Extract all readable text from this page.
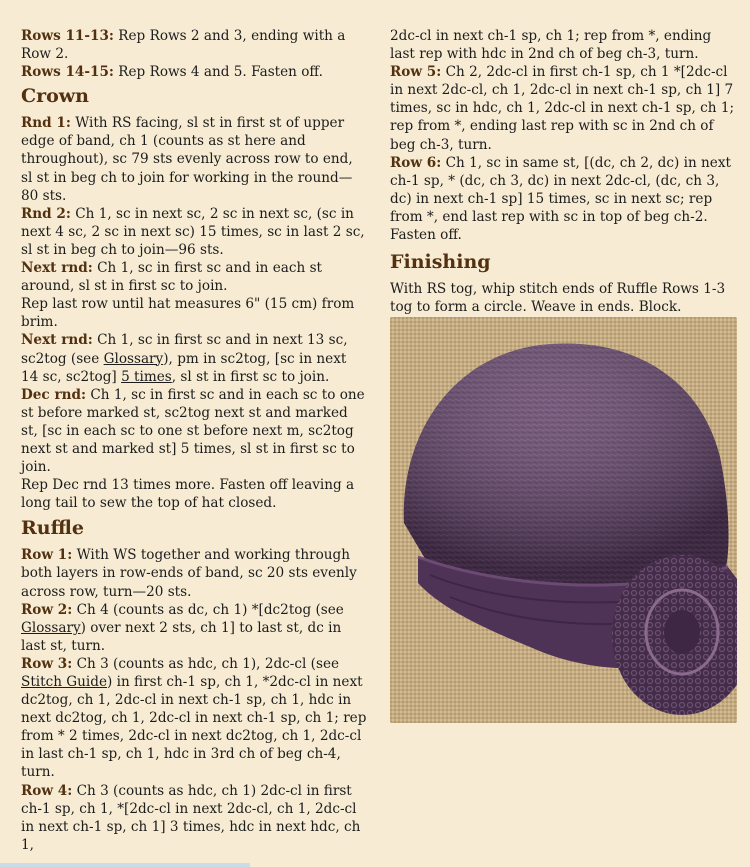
Rows 11-13: Rep Rows 2 and 3, ending with a Row 2.

Rows 14-15: Rep Rows 4 and 5. Fasten off.

Crown

Rnd 1: With RS facing, sl st in first st of upper edge of band, ch 1 (counts as st here and throughout), sc 79 sts evenly across row to end, sl st in beg ch to join for working in the round—80 sts.

Rnd 2: Ch 1, sc in next sc, 2 sc in next sc, (sc in next 4 sc, 2 sc in next sc) 15 times, sc in last 2 sc, sl st in beg ch to join—96 sts.

Next rnd: Ch 1, sc in first sc and in each st around, sl st in first sc to join.

Rep last row until hat measures 6" (15 cm) from brim.

Next rnd: Ch 1, sc in first sc and in next 13 sc, sc2tog (see Glossary), pm in sc2tog, [sc in next 14 sc, sc2tog] 5 times, sl st in first sc to join.

Dec rnd: Ch 1, sc in first sc and in each sc to one st before marked st, sc2tog next st and marked st, [sc in each sc to one st before next m, sc2tog next st and marked st] 5 times, sl st in first sc to join.

Rep Dec rnd 13 times more. Fasten off leaving a long tail to sew the top of hat closed.

Ruffle

Row 1: With WS together and working through both layers in row-ends of band, sc 20 sts evenly across row, turn—20 sts.

Row 2: Ch 4 (counts as dc, ch 1) *[dc2tog (see
Glossary) over next 2 sts, ch 1] to last st, dc in last st, turn.

Row 3: Ch 3 (counts as hdc, ch 1), 2dc-cl (see
Stitch Guide) in first ch-1 sp, ch 1, *2dc-cl in next dc2tog, ch 1, 2dc-cl in next ch-1 sp, ch 1, hdc in next dc2tog, ch 1, 2dc-cl in next ch-1 sp, ch 1; rep from * 2 times, 2dc-cl in next dc2tog, ch 1, 2dc-cl in last ch-1 sp, ch 1, hdc in 3rd ch of beg ch-4, turn.

Row 4: Ch 3 (counts as hdc, ch 1) 2dc-cl in first ch-1 sp, ch 1, *[2dc-cl in next 2dc-cl, ch 1, 2dc-cl in next ch-1 sp, ch 1] 3 times, hdc in next hdc, ch 1,

2dc-cl in next ch-1 sp, ch 1; rep from *, ending last rep with hdc in 2nd ch of beg ch-3, turn.

Row 5: Ch 2, 2dc-cl in first ch-1 sp, ch 1 *[2dc-cl in next 2dc-cl, ch 1, 2dc-cl in next ch-1 sp, ch 1] 7 times, sc in hdc, ch 1, 2dc-cl in next ch-1 sp, ch 1; rep from *, ending last rep with sc in 2nd ch of beg ch-3, turn.

Row 6: Ch 1, sc in same st, [(dc, ch 2, dc) in next ch-1 sp, * (dc, ch 3, dc) in next 2dc-cl, (dc, ch 3, dc) in next ch-1 sp] 15 times, sc in next sc; rep from *, end last rep with sc in top of beg ch-2. Fasten off.

Finishing

With RS tog, whip stitch ends of Ruffle Rows 1-3 tog to form a circle. Weave in ends. Block.
